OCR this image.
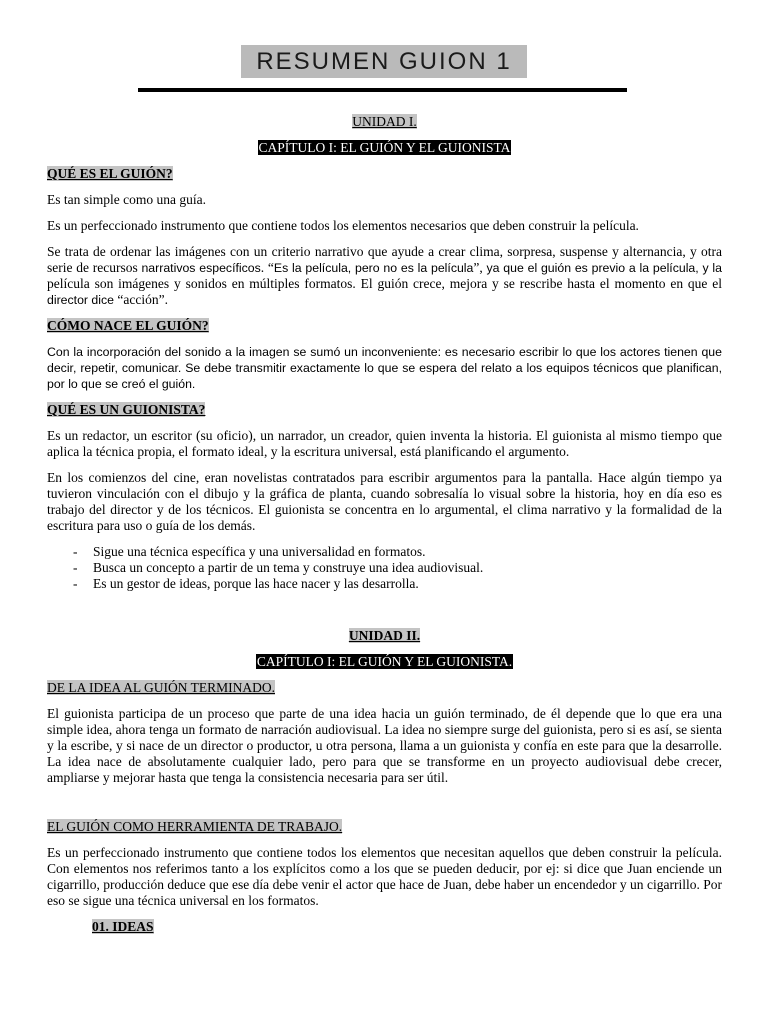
RESUMEN GUION 1

UNIDAD I.

CAPÍTULO I: EL GUIÓN Y EL GUIONISTA

QUÉ ES EL GUIÓN?

Es tan simple como una guía.

Es un perfeccionado instrumento que contiene todos los elementos necesarios que deben construir la película.

Se trata de ordenar las imágenes con un criterio narrativo que ayude a crear clima, sorpresa, suspense y alternancia, y otra serie de recursos narrativos específicos. “Es la película, pero no es la película”, ya que el guión es previo a la película, y la película son imágenes y sonidos en múltiples formatos. El guión crece, mejora y se rescribe hasta el momento en que el director dice “acción”.

CÓMO NACE EL GUIÓN?

Con la incorporación del sonido a la imagen se sumó un inconveniente: es necesario escribir lo que los actores tienen que decir, repetir, comunicar. Se debe transmitir exactamente lo que se espera del relato a los equipos técnicos que planifican, por lo que se creó el guión.

QUÉ ES UN GUIONISTA?

Es un redactor, un escritor (su oficio), un narrador, un creador, quien inventa la historia. El guionista al mismo tiempo que aplica la técnica propia, el formato ideal, y la escritura universal, está planificando el argumento.

En los comienzos del cine, eran novelistas contratados para escribir argumentos para la pantalla. Hace algún tiempo ya tuvieron vinculación con el dibujo y la gráfica de planta, cuando sobresalía lo visual sobre la historia, hoy en día eso es trabajo del director y de los técnicos. El guionista se concentra en lo argumental, el clima narrativo y la formalidad de la escritura para uso o guía de los demás.

- Sigue una técnica específica y una universalidad en formatos.
- Busca un concepto a partir de un tema y construye una idea audiovisual.
- Es un gestor de ideas, porque las hace nacer y las desarrolla.

UNIDAD II.

CAPÍTULO I: EL GUIÓN Y EL GUIONISTA.

DE LA IDEA AL GUIÓN TERMINADO.

El guionista participa de un proceso que parte de una idea hacia un guión terminado, de él depende que lo que era una simple idea, ahora tenga un formato de narración audiovisual. La idea no siempre surge del guionista, pero si es así, se sienta y la escribe, y si nace de un director o productor, u otra persona, llama a un guionista y confía en este para que la desarrolle. La idea nace de absolutamente cualquier lado, pero para que se transforme en un proyecto audiovisual debe crecer, ampliarse y mejorar hasta que tenga la consistencia necesaria para ser útil.

EL GUIÓN COMO HERRAMIENTA DE TRABAJO.

Es un perfeccionado instrumento que contiene todos los elementos que necesitan aquellos que deben construir la película. Con elementos nos referimos tanto a los explícitos como a los que se pueden deducir, por ej: si dice que Juan enciende un cigarrillo, producción deduce que ese día debe venir el actor que hace de Juan, debe haber un encendedor y un cigarrillo. Por eso se sigue una técnica universal en los formatos.

01. IDEAS
